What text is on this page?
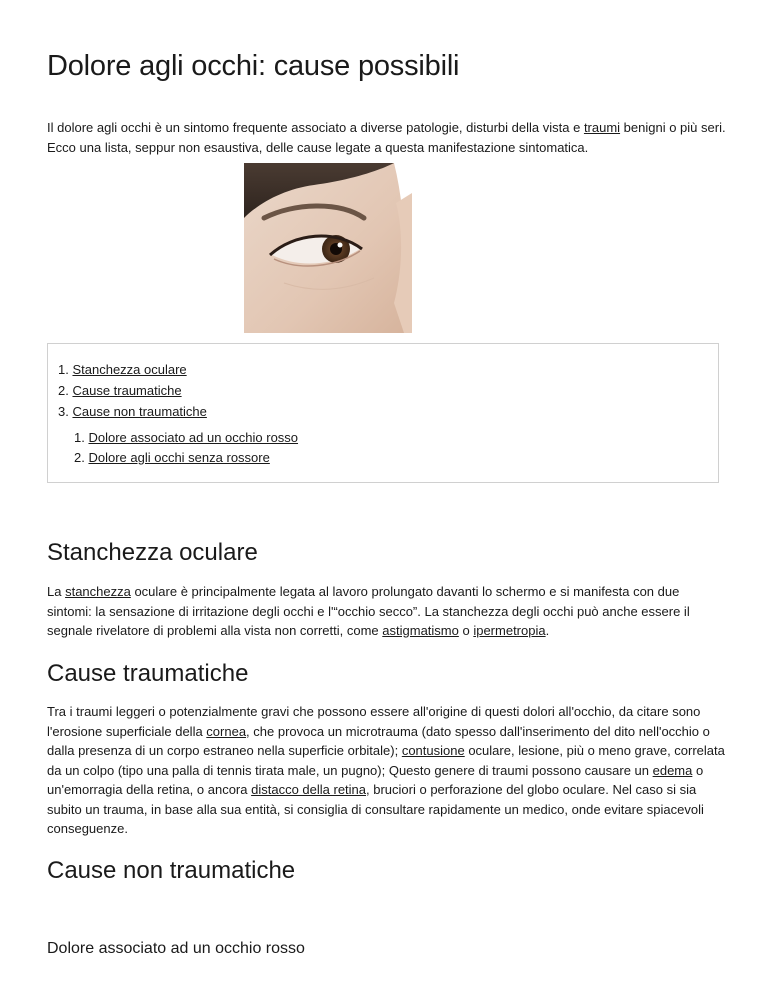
Dolore agli occhi: cause possibili

Il dolore agli occhi è un sintomo frequente associato a diverse patologie, disturbi della vista e traumi benigni o più seri. Ecco una lista, seppur non esaustiva, delle cause legate a questa manifestazione sintomatica.

1. Stanchezza oculare
2. Cause traumatiche
3. Cause non traumatiche
1. Dolore associato ad un occhio rosso
2. Dolore agli occhi senza rossore
Stanchezza oculare

La stanchezza oculare è principalmente legata al lavoro prolungato davanti lo schermo e si manifesta con due sintomi: la sensazione di irritazione degli occhi e l'“occhio secco”. La stanchezza degli occhi può anche essere il segnale rivelatore di problemi alla vista non corretti, come astigmatismo o ipermetropia.

Cause traumatiche

Tra i traumi leggeri o potenzialmente gravi che possono essere all'origine di questi dolori all'occhio, da citare sono l'erosione superficiale della cornea, che provoca un microtrauma (dato spesso dall'inserimento del dito nell'occhio o dalla presenza di un corpo estraneo nella superficie orbitale); contusione oculare, lesione, più o meno grave, correlata da un colpo (tipo una palla di tennis tirata male, un pugno); Questo genere di traumi possono causare un edema o un'emorragia della retina, o ancora distacco della retina, bruciori o perforazione del globo oculare. Nel caso si sia subito un trauma, in base alla sua entità, si consiglia di consultare rapidamente un medico, onde evitare spiacevoli conseguenze.

Cause non traumatiche
Dolore associato ad un occhio rosso
